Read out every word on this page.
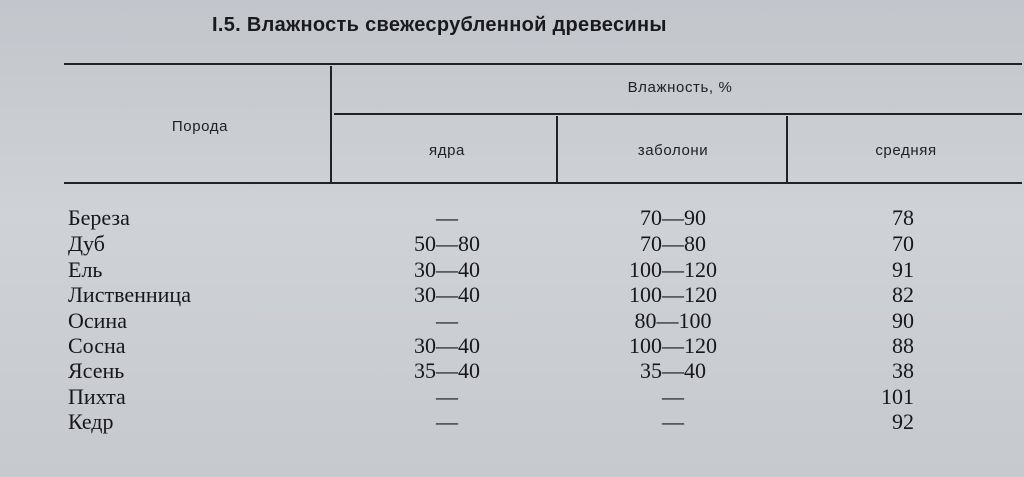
I.5. Влажность свежесрубленной древесины
Порода
Влажность, %
ядра	заболони	средняя
Береза	—	70—90	78
Дуб	50—80	70—80	70
Ель	30—40	100—120	91
Лиственница	30—40	100—120	82
Осина	—	80—100	90
Сосна	30—40	100—120	88
Ясень	35—40	35—40	38
Пихта	—	—	101
Кедр	—	—	92
